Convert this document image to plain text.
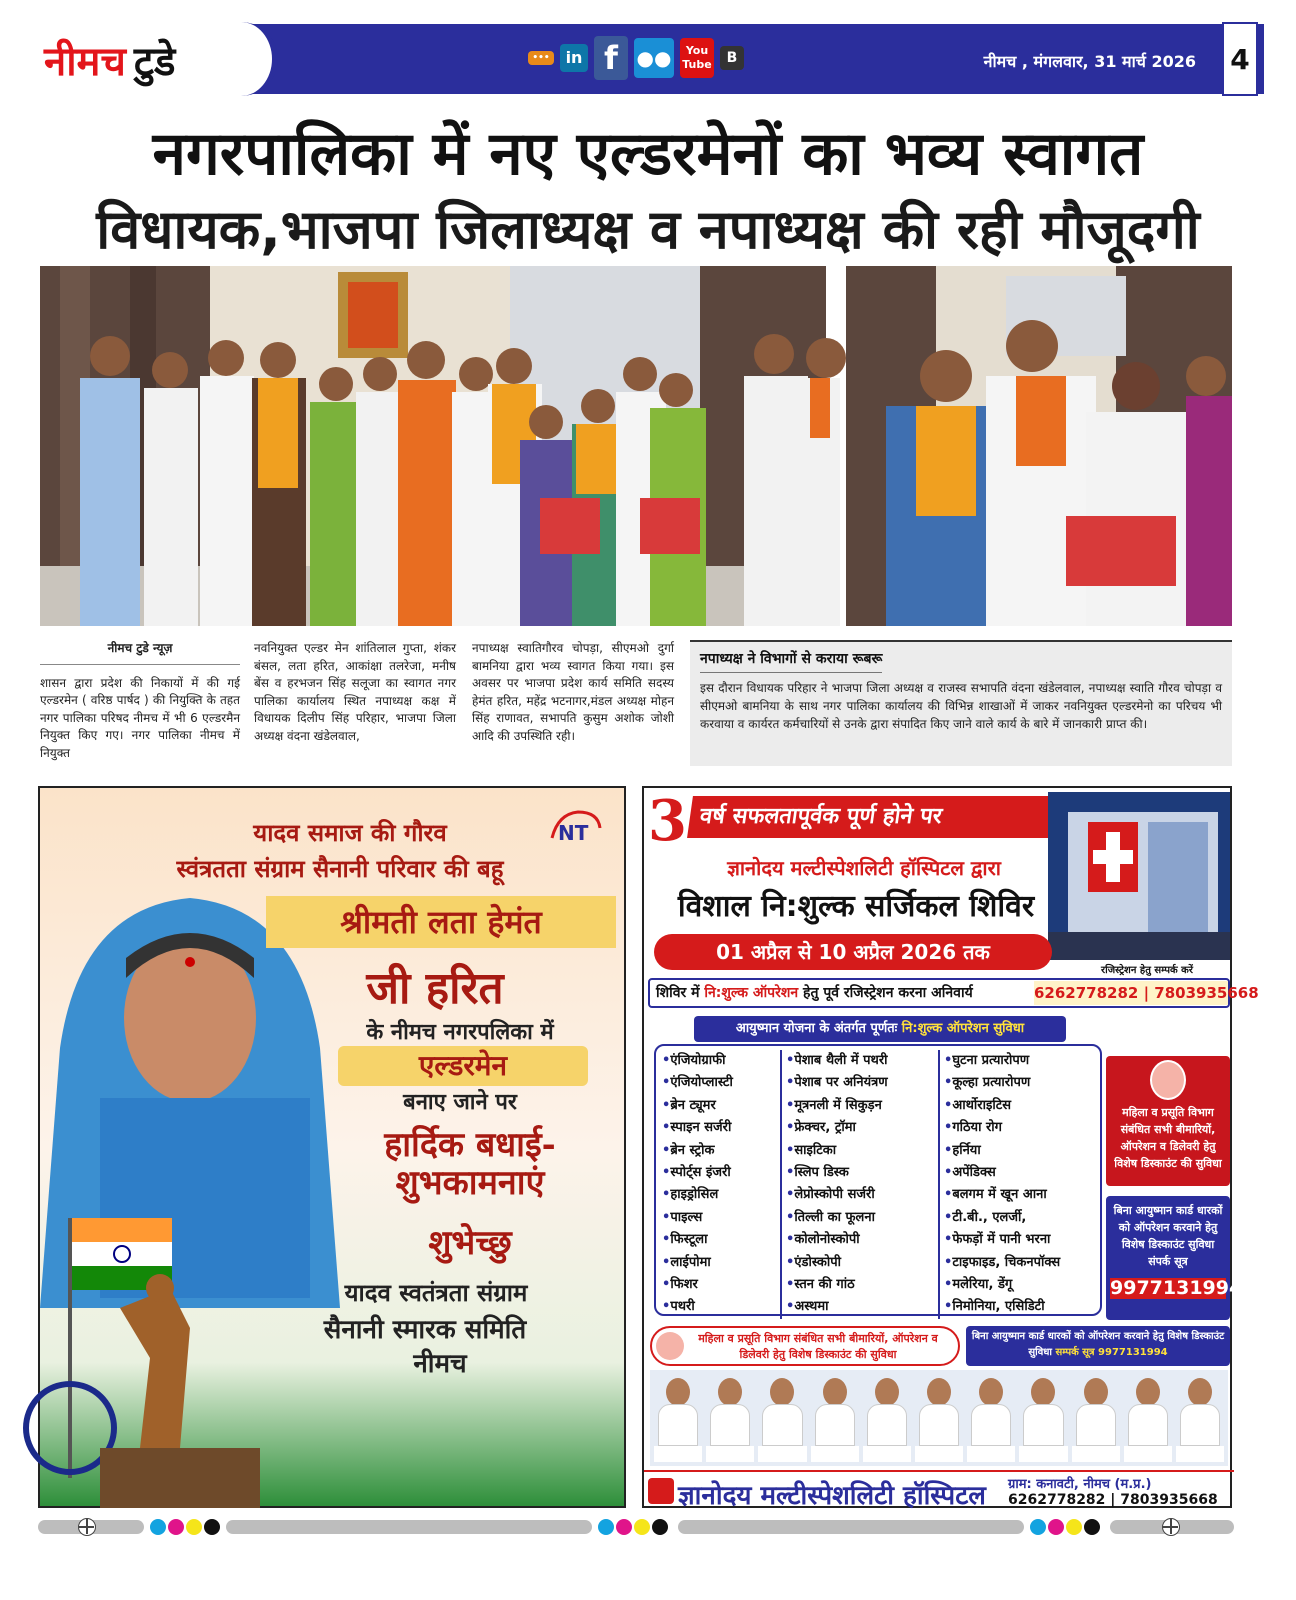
नीमच टुडे	••• in f ●●	You
Tube	B	नीमच , मंगलवार, 31 मार्च 2026 4
नगरपालिका में नए एल्डरमेनों का भव्य स्वागत
विधायक,भाजपा जिलाध्यक्ष व नपाध्यक्ष की रही मौजूदगी
नीमच टुडे न्यूज़
शासन द्वारा प्रदेश की निकायों में की गई एल्डरमेन ( वरिष्ठ पार्षद ) की नियुक्ति के तहत नगर पालिका परिषद नीमच में भी 6 एल्डरमैन नियुक्त किए गए। नगर पालिका नीमच में नियुक्त
नवनियुक्त एल्डर मेन शांतिलाल गुप्ता, शंकर बंसल, लता हरित, आकांक्षा तलरेजा, मनीष बेंस व हरभजन सिंह सलूजा का स्वागत नगर पालिका कार्यालय स्थित नपाध्यक्ष कक्ष में विधायक दिलीप सिंह परिहार, भाजपा जिला अध्यक्ष वंदना खंडेलवाल,
नपाध्यक्ष स्वातिगौरव चोपड़ा, सीएमओ दुर्गा बामनिया द्वारा भव्य स्वागत किया गया। इस अवसर पर भाजपा प्रदेश कार्य समिति सदस्य हेमंत हरित, महेंद्र भटनागर,मंडल अध्यक्ष मोहन सिंह राणावत, सभापति कुसुम अशोक जोशी आदि की उपस्थिति रही।
नपाध्यक्ष ने विभागों से कराया रूबरू
इस दौरान विधायक परिहार ने भाजपा जिला अध्यक्ष व राजस्व सभापति वंदना खंडेलवाल, नपाध्यक्ष स्वाति गौरव चोपड़ा व सीएमओ बामनिया के साथ नगर पालिका कार्यालय की विभिन्न शाखाओं में जाकर नवनियुक्त एल्डरमेनो का परिचय भी करवाया व कार्यरत कर्मचारियों से उनके द्वारा संपादित किए जाने वाले कार्य के बारे में जानकारी प्राप्त की।
NT
यादव समाज की गौरव
स्वंत्रतता संग्राम सैनानी परिवार की बहू
श्रीमती लता हेमंत
जी हरित
के नीमच नगरपलिका में
एल्डरमेन
बनाए जाने पर
हार्दिक बधाई-
शुभकामनाएं
शुभेच्छु
यादव स्वतंत्रता संग्राम
सैनानी स्मारक समिति
नीमच
3 वर्ष सफलतापूर्वक पूर्ण होने पर
ज्ञानोदय मल्टीस्पेशलिटी हॉस्पिटल द्वारा
विशाल नि:शुल्क सर्जिकल शिविर
01 अप्रैल से 10 अप्रैल 2026 तक
रजिस्ट्रेशन हेतु सम्पर्क करें
शिविर में नि:शुल्क ऑपरेशन हेतु पूर्व रजिस्ट्रेशन करना अनिवार्य	6262778282 | 7803935668
आयुष्मान योजना के अंतर्गत पूर्णतः नि:शुल्क ऑपरेशन सुविधा
• एंजियोग्राफी
• एंजियोप्लास्टी
• ब्रेन ट्यूमर
• स्पाइन सर्जरी
• ब्रेन स्ट्रोक
• स्पोर्ट्स इंजरी
• हाइड्रोसिल
• पाइल्स
• फिस्टूला
• लाईपोमा
• फिशर
• पथरी
• पेशाब थैली में पथरी
• पेशाब पर अनियंत्रण
• मूत्रनली में सिकुड़न
• फ्रेक्चर, ट्रॉमा
• साइटिका
• स्लिप डिस्क
• लेप्रोस्कोपी सर्जरी
• तिल्ली का फूलना
• कोलोनोस्कोपी
• एंडोस्कोपी
• स्तन की गांठ
• अस्थमा
• घुटना प्रत्यारोपण
• कूल्हा प्रत्यारोपण
• आर्थोराइटिस
• गठिया रोग
• हर्निया
• अपेंडिक्स
• बलगम में खून आना
• टी.बी., एलर्जी,
• फेफड़ों में पानी भरना
• टाइफाइड, चिकनपॉक्स
• मलेरिया, डेंगू
• निमोनिया, एसिडिटी
महिला व प्रसूति विभाग संबंधित सभी बीमारियों, ऑपरेशन व डिलेवरी हेतु विशेष डिस्काउंट की सुविधा
बिना आयुष्मान कार्ड धारकों को ऑपरेशन करवाने हेतु विशेष डिस्काउंट सुविधा संपर्क सूत्र
9977131994
महिला व प्रसूति विभाग संबंधित सभी बीमारियों, ऑपरेशन व डिलेवरी हेतु विशेष डिस्काउंट की सुविधा
बिना आयुष्मान कार्ड धारकों को ऑपरेशन करवाने हेतु विशेष डिस्काउंट सुविधा सम्पर्क सूत्र 9977131994
ज्ञानोदय मल्टीस्पेशलिटी हॉस्पिटल ग्राम: कनावटी, नीमच (म.प्र.)
6262778282 | 7803935668
